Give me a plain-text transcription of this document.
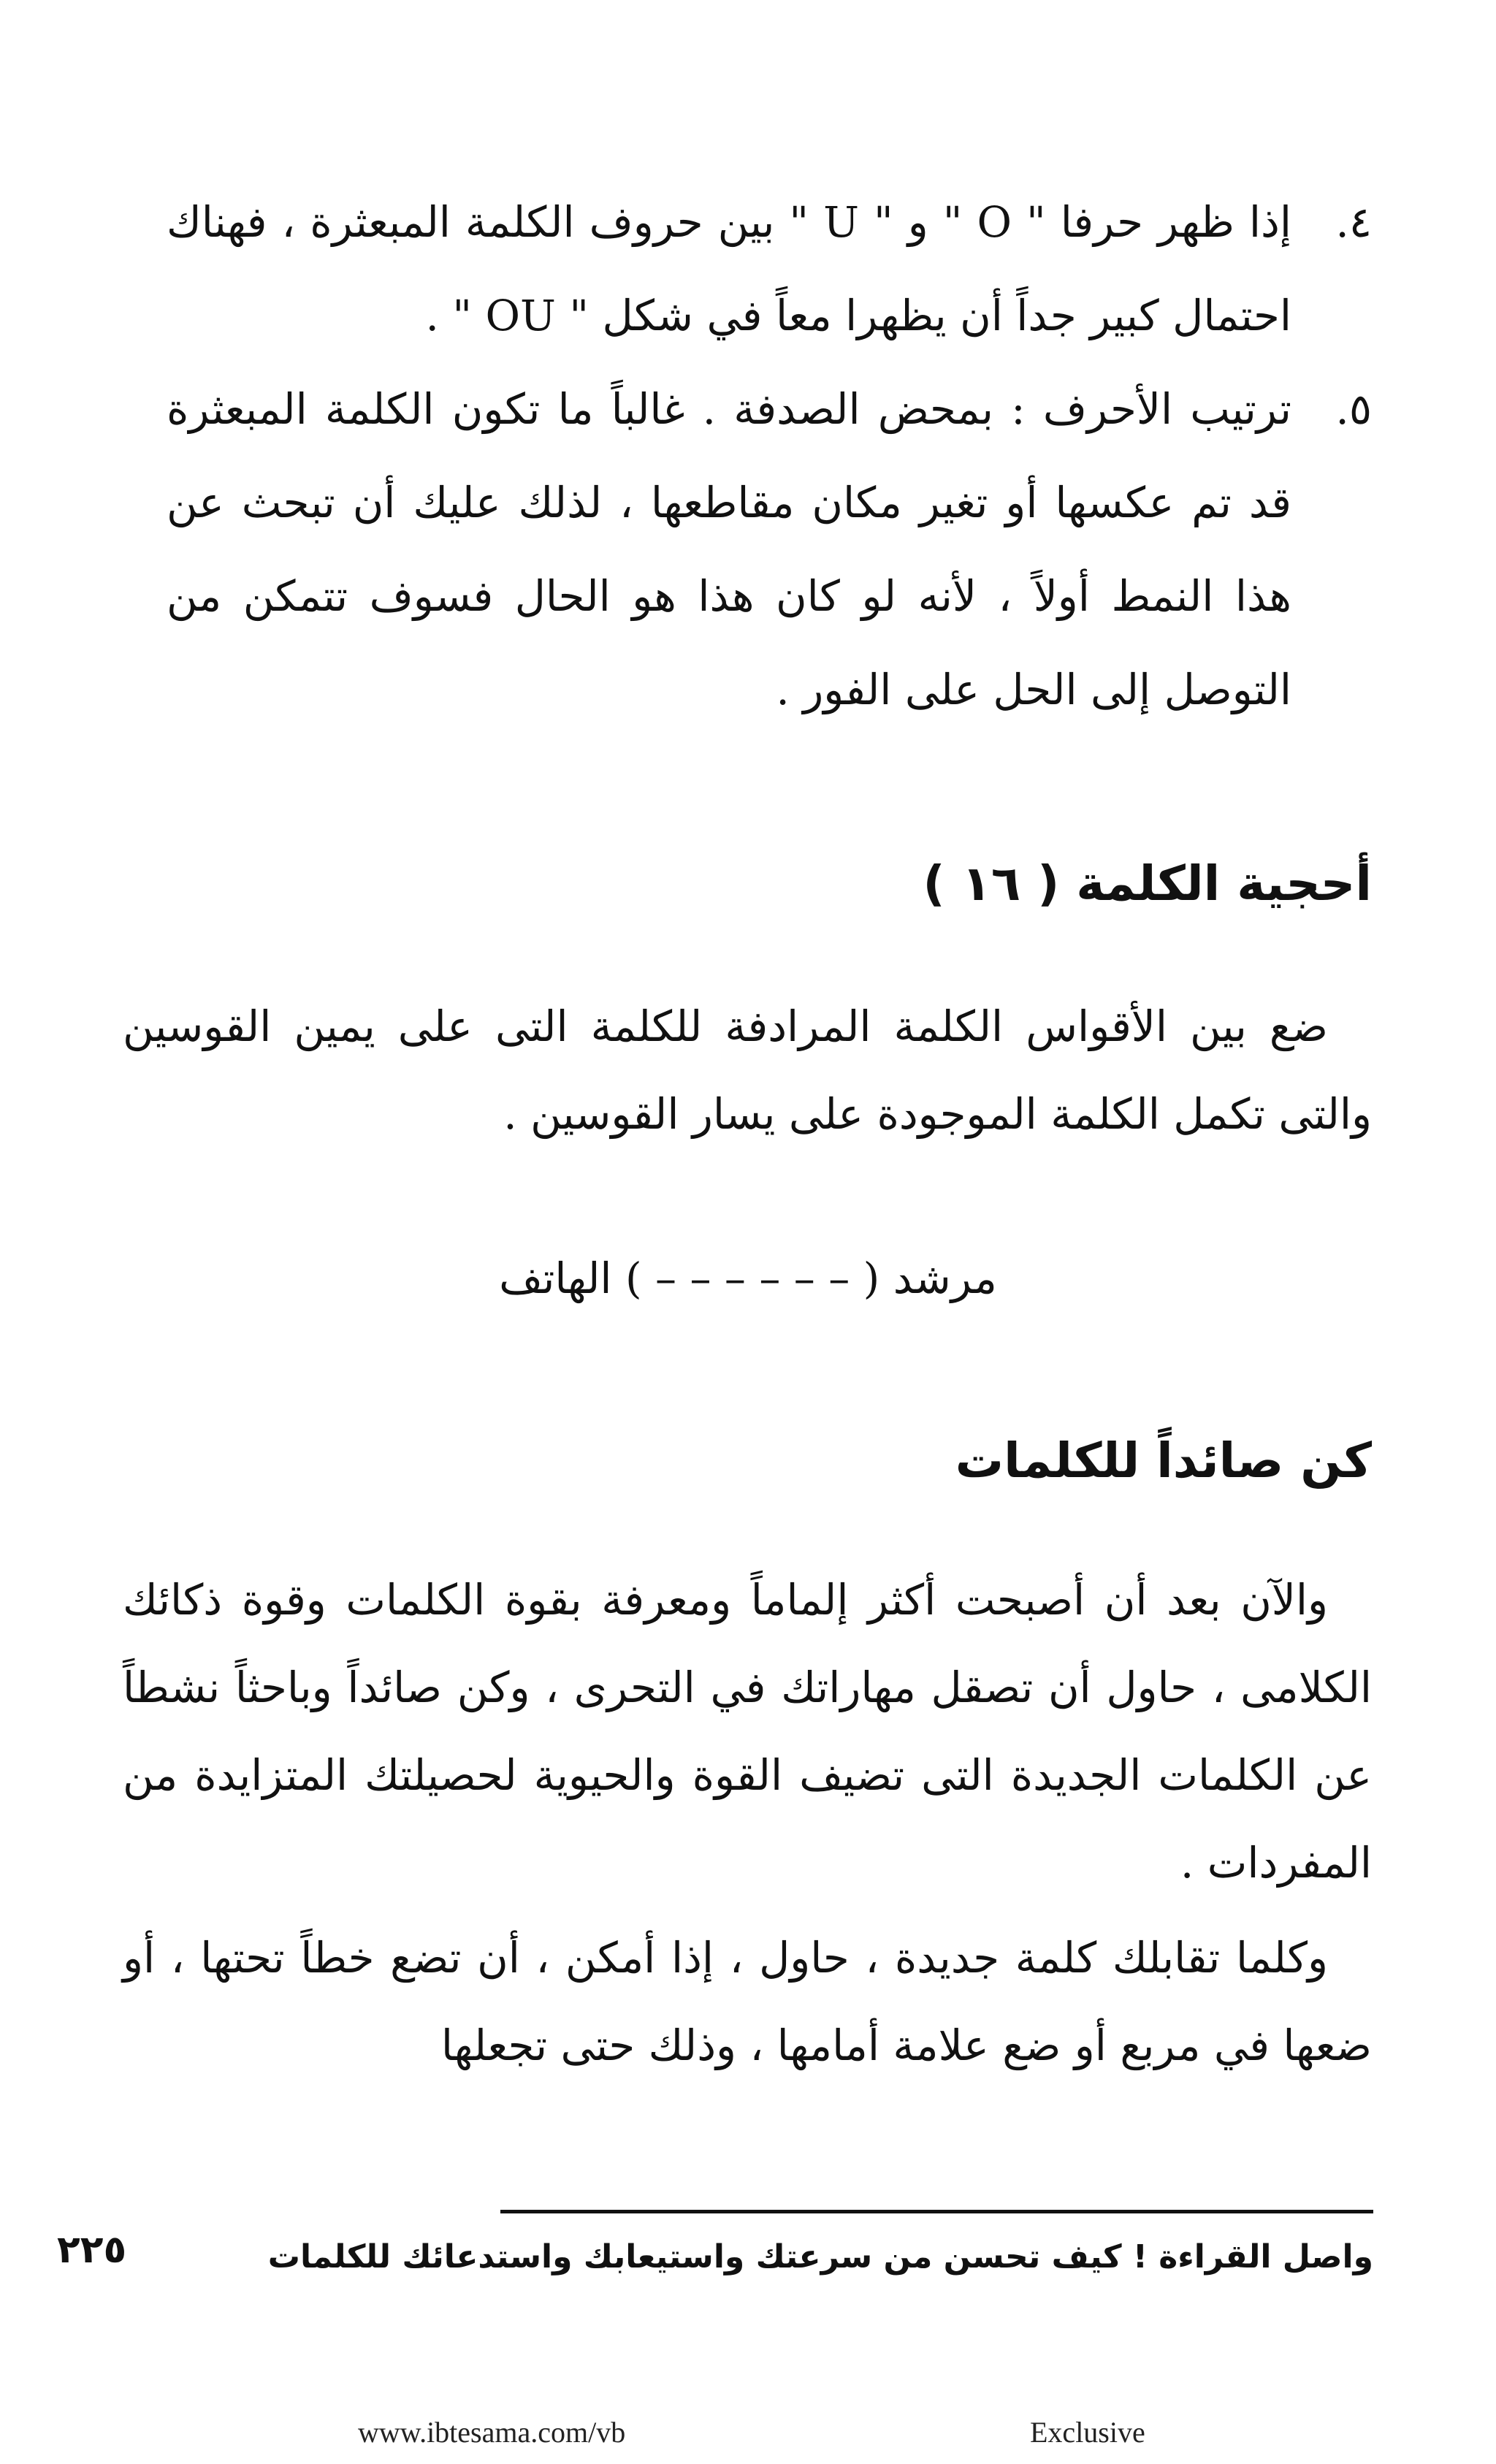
٤.
إذا ظهر حرفا " O " و " U " بين حروف الكلمة المبعثرة ، فهناك احتمال كبير جداً أن يظهرا معاً في شكل " OU " .
٥.
ترتيب الأحرف : بمحض الصدفة . غالباً ما تكون الكلمة المبعثرة قد تم عكسها أو تغير مكان مقاطعها ، لذلك عليك أن تبحث عن هذا النمط أولاً ، لأنه لو كان هذا هو الحال فسوف تتمكن من التوصل إلى الحل على الفور .
أحجية الكلمة ( ١٦ )
ضع بين الأقواس الكلمة المرادفة للكلمة التى على يمين القوسين والتى تكمل الكلمة الموجودة على يسار القوسين .
مرشد ( – – – – – – ) الهاتف
كن صائداً للكلمات
والآن بعد أن أصبحت أكثر إلماماً ومعرفة بقوة الكلمات وقوة ذكائك الكلامى ، حاول أن تصقل مهاراتك في التحرى ، وكن صائداً وباحثاً نشطاً عن الكلمات الجديدة التى تضيف القوة والحيوية لحصيلتك المتزايدة من المفردات .
وكلما تقابلك كلمة جديدة ، حاول ، إذا أمكن ، أن تضع خطاً تحتها ، أو ضعها في مربع أو ضع علامة أمامها ، وذلك حتى تجعلها
واصل القراءة ! كيف تحسن من سرعتك واستيعابك واستدعائك للكلمات
٢٢٥
www.ibtesama.com/vb	Exclusive
